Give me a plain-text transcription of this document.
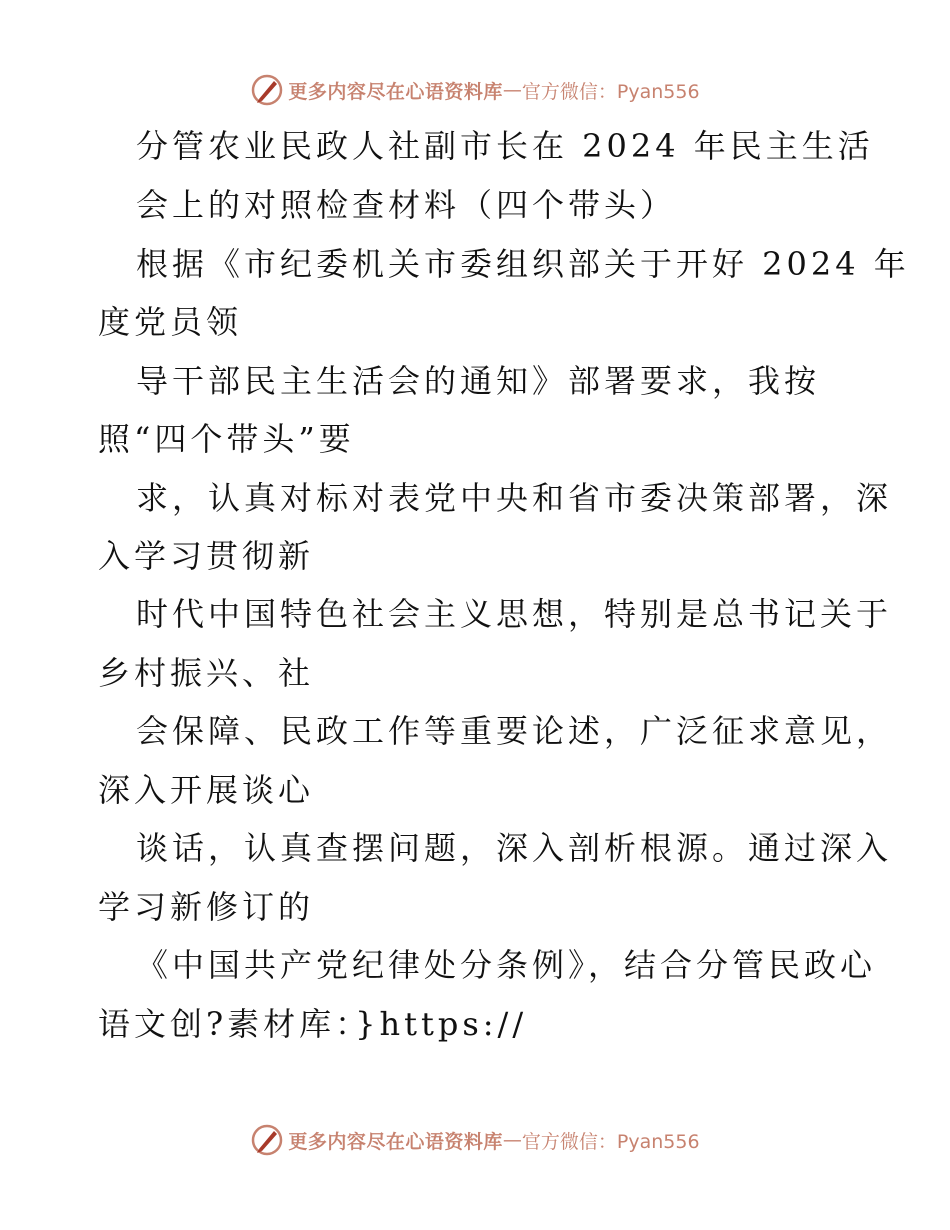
更多内容尽在心语资料库 — 官方微信：Pyan556
分管农业民政人社副市长在 2024 年民主生活
会上的对照检查材料（四个带头）
根据《市纪委机关市委组织部关于开好 2024 年
度党员领
导干部民主生活会的通知》部署要求，我按
照“四个带头”要
求，认真对标对表党中央和省市委决策部署，深
入学习贯彻新
时代中国特色社会主义思想，特别是总书记关于
乡村振兴、社
会保障、民政工作等重要论述，广泛征求意见，
深入开展谈心
谈话，认真查摆问题，深入剖析根源。通过深入
学习新修订的
《中国共产党纪律处分条例》，结合分管民政心
语文创?素材库：}https://
更多内容尽在心语资料库 — 官方微信：Pyan556
